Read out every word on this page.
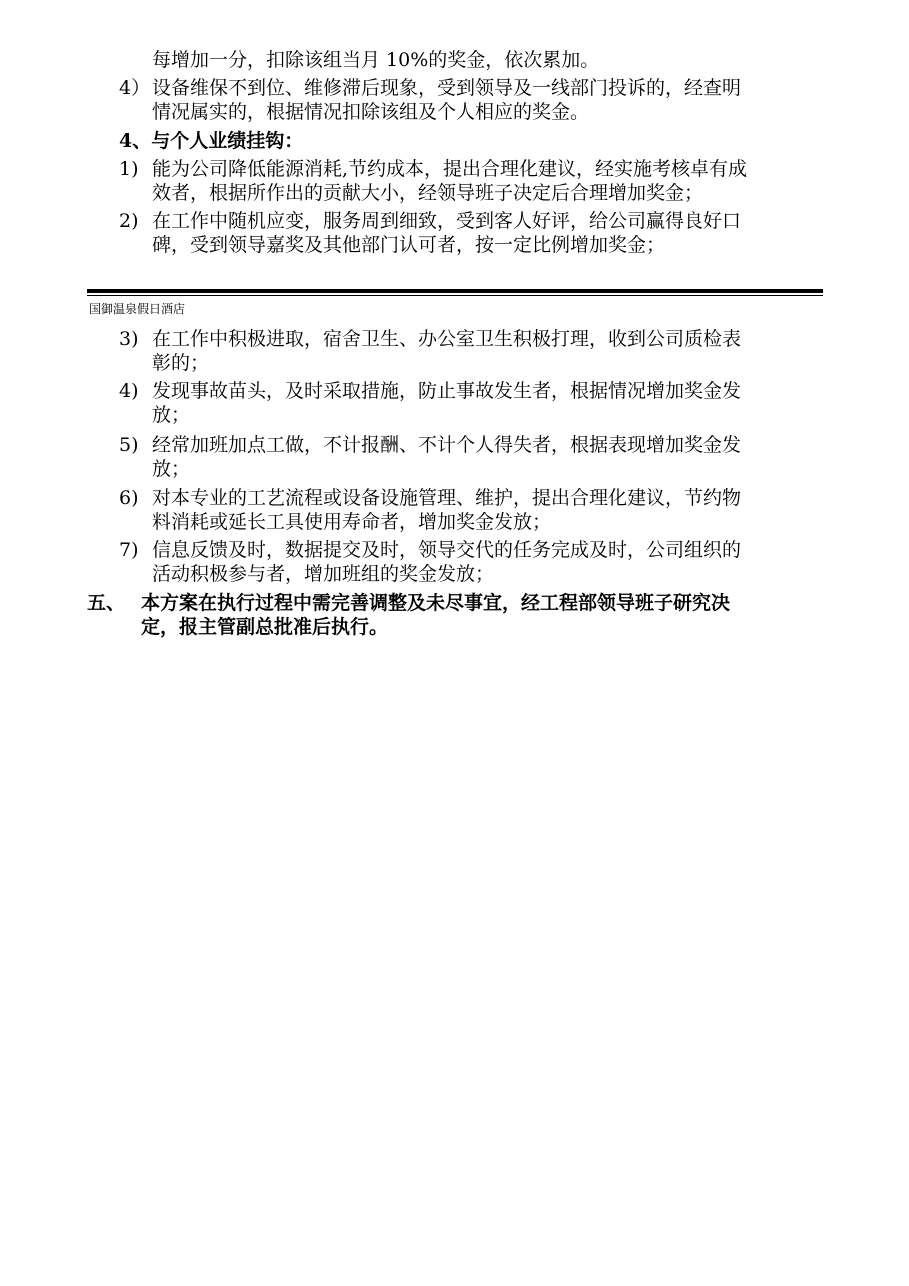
每增加一分，扣除该组当月 10%的奖金，依次累加。
4） 设备维保不到位、维修滞后现象，受到领导及一线部门投诉的，经查明
情况属实的，根据情况扣除该组及个人相应的奖金。
4、与个人业绩挂钩：
1) 能为公司降低能源消耗,节约成本，提出合理化建议，经实施考核卓有成
效者，根据所作出的贡献大小，经领导班子决定后合理增加奖金；
2) 在工作中随机应变，服务周到细致，受到客人好评，给公司赢得良好口
碑，受到领导嘉奖及其他部门认可者，按一定比例增加奖金；
国御温泉假日酒店
3) 在工作中积极进取，宿舍卫生、办公室卫生积极打理，收到公司质检表
彰的；
4) 发现事故苗头，及时采取措施，防止事故发生者，根据情况增加奖金发
放；
5) 经常加班加点工做，不计报酬、不计个人得失者，根据表现增加奖金发
放；
6) 对本专业的工艺流程或设备设施管理、维护，提出合理化建议，节约物
料消耗或延长工具使用寿命者，增加奖金发放；
7) 信息反馈及时，数据提交及时，领导交代的任务完成及时，公司组织的
活动积极参与者，增加班组的奖金发放；
五、 本方案在执行过程中需完善调整及未尽事宜，经工程部领导班子研究决
定，报主管副总批准后执行。
